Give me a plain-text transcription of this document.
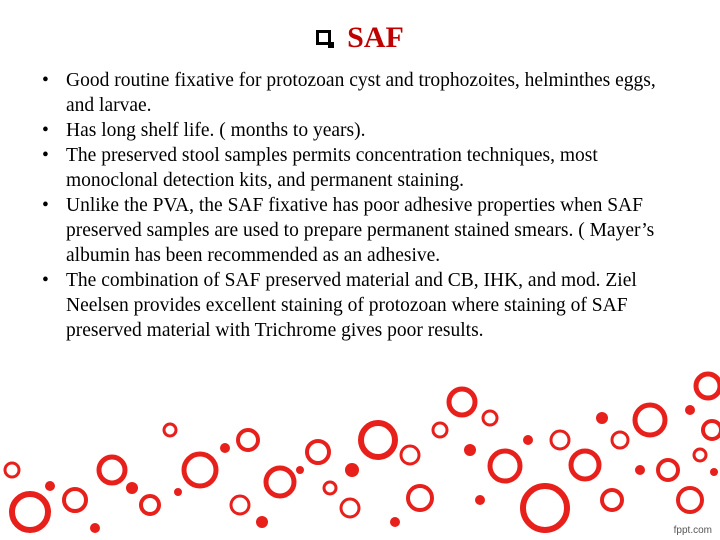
SAF
• Good routine fixative for protozoan cyst and trophozoites, helminthes eggs, and larvae.
• Has long shelf life. ( months to years).
• The preserved stool samples permits concentration techniques, most monoclonal detection kits, and permanent staining.
• Unlike the PVA, the SAF fixative has poor adhesive properties when SAF preserved samples are used to prepare permanent stained smears. ( Mayer’s albumin has been recommended as an adhesive.
• The combination of SAF preserved material and CB, IHK, and mod. Ziel Neelsen provides excellent staining of protozoan where staining of SAF preserved material with Trichrome gives poor results.
fppt.com
